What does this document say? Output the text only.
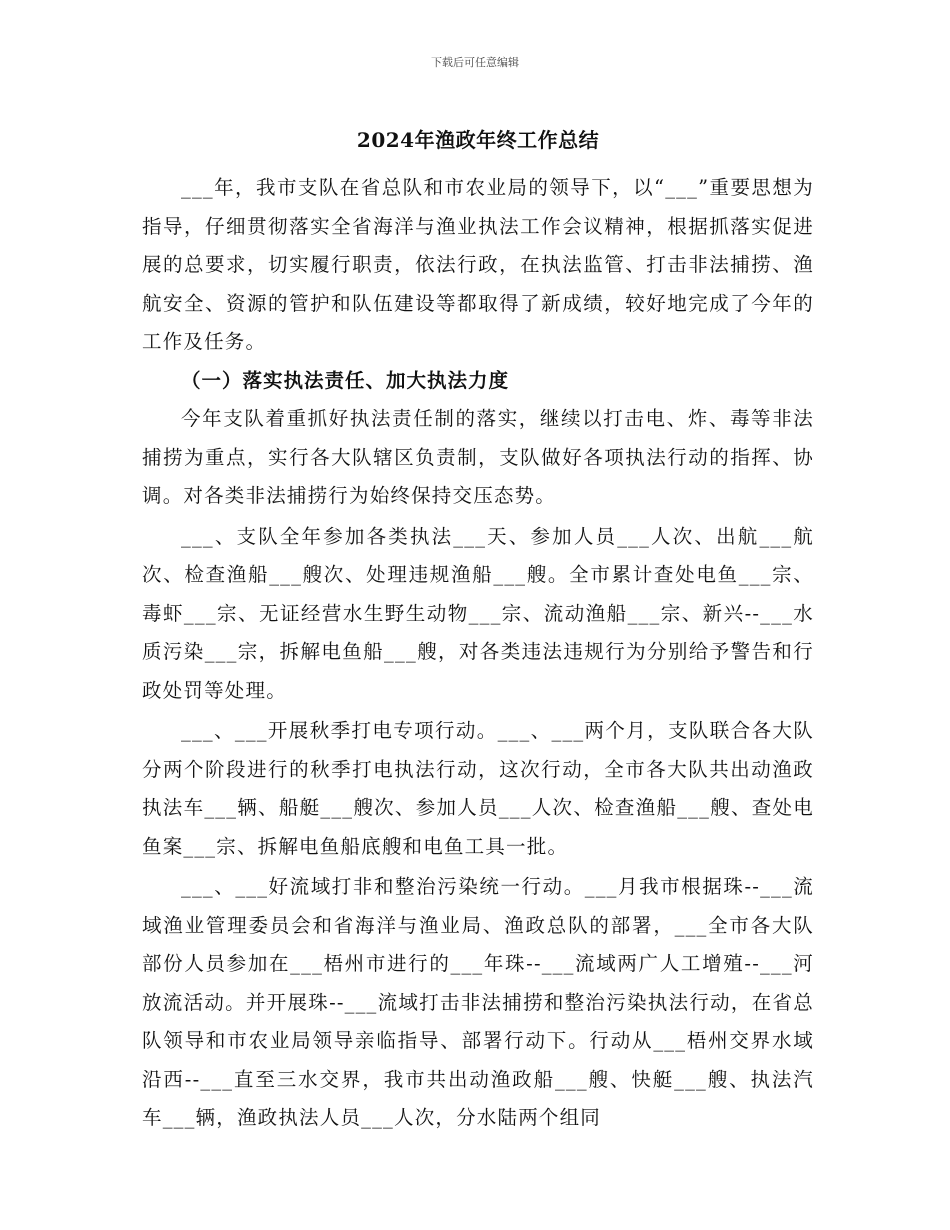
下载后可任意编辑
2024年渔政年终工作总结

___年，我市支队在省总队和市农业局的领导下，以“___”重要思想为指导，仔细贯彻落实全省海洋与渔业执法工作会议精神，根据抓落实促进展的总要求，切实履行职责，依法行政，在执法监管、打击非法捕捞、渔航安全、资源的管护和队伍建设等都取得了新成绩，较好地完成了今年的工作及任务。

（一）落实执法责任、加大执法力度

今年支队着重抓好执法责任制的落实，继续以打击电、炸、毒等非法捕捞为重点，实行各大队辖区负责制，支队做好各项执法行动的指挥、协调。对各类非法捕捞行为始终保持交压态势。

___、支队全年参加各类执法___天、参加人员___人次、出航___航次、检查渔船___艘次、处理违规渔船___艘。全市累计查处电鱼___宗、毒虾___宗、无证经营水生野生动物___宗、流动渔船___宗、新兴--___水质污染___宗，拆解电鱼船___艘，对各类违法违规行为分别给予警告和行政处罚等处理。

___、___开展秋季打电专项行动。___、___两个月，支队联合各大队分两个阶段进行的秋季打电执法行动，这次行动，全市各大队共出动渔政执法车___辆、船艇___艘次、参加人员___人次、检查渔船___艘、查处电鱼案___宗、拆解电鱼船底艘和电鱼工具一批。

___、___好流域打非和整治污染统一行动。___月我市根据珠--___流域渔业管理委员会和省海洋与渔业局、渔政总队的部署，___全市各大队部份人员参加在___梧州市进行的___年珠--___流域两广人工增殖--___河放流活动。并开展珠--___流域打击非法捕捞和整治污染执法行动，在省总队领导和市农业局领导亲临指导、部署行动下。行动从___梧州交界水域沿西--___直至三水交界，我市共出动渔政船___艘、快艇___艘、执法汽车___辆，渔政执法人员___人次，分水陆两个组同
